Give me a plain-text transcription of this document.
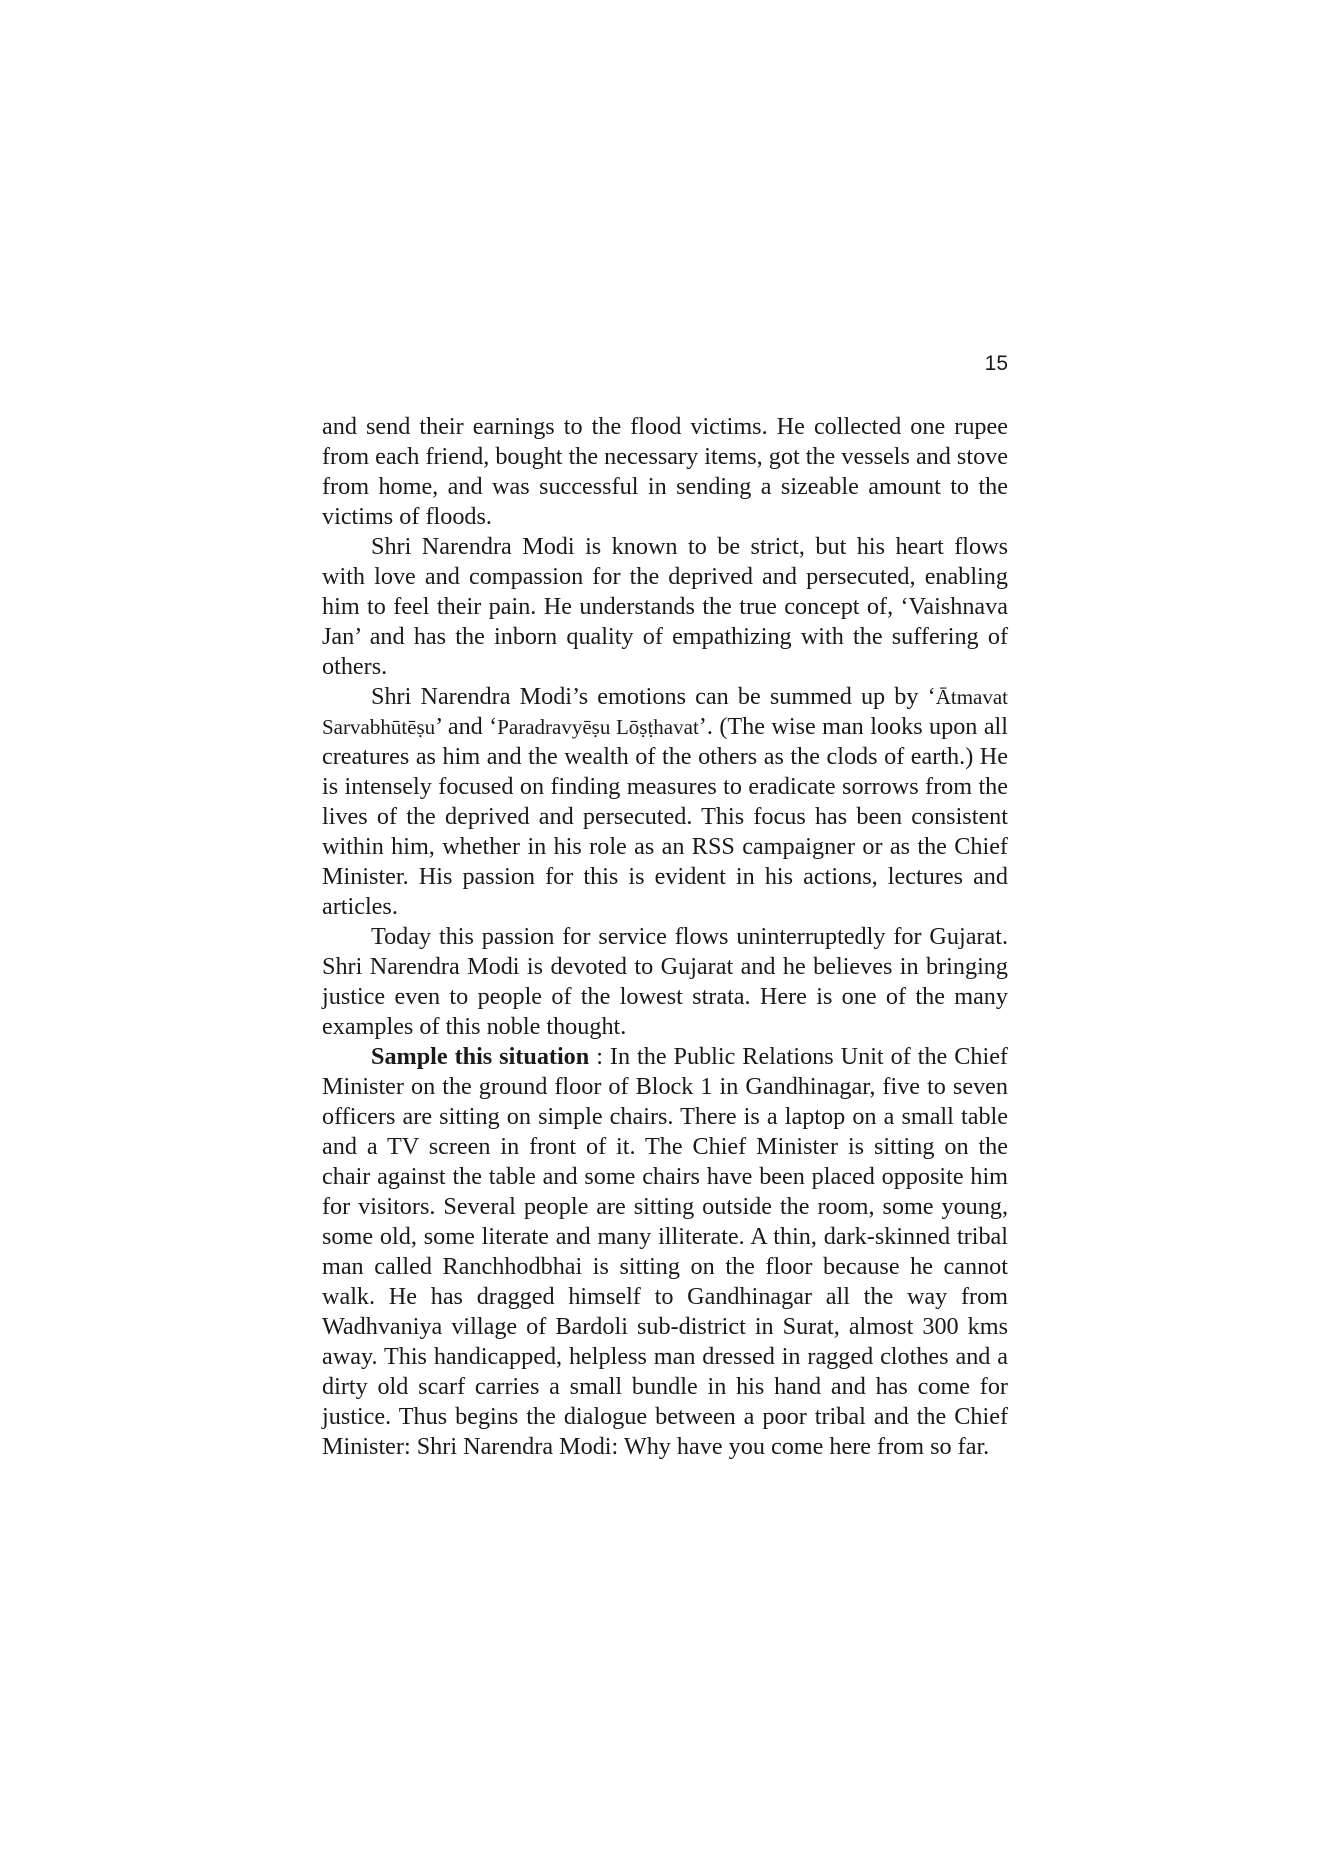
15

and send their earnings to the flood victims. He collected one rupee from each friend, bought the necessary items, got the vessels and stove from home, and was successful in sending a sizeable amount to the victims of floods.

Shri Narendra Modi is known to be strict, but his heart flows with love and compassion for the deprived and persecuted, enabling him to feel their pain. He understands the true concept of, ‘Vaishnava Jan’ and has the inborn quality of empathizing with the suffering of others.

Shri Narendra Modi’s emotions can be summed up by ‘Ātmavat Sarvabhūtēṣu’ and ‘Paradravyēṣu Lōṣṭhavat’. (The wise man looks upon all creatures as him and the wealth of the others as the clods of earth.) He is intensely focused on finding measures to eradicate sorrows from the lives of the deprived and persecuted. This focus has been consistent within him, whether in his role as an RSS campaigner or as the Chief Minister. His passion for this is evident in his actions, lectures and articles.

Today this passion for service flows uninterruptedly for Gujarat. Shri Narendra Modi is devoted to Gujarat and he believes in bringing justice even to people of the lowest strata. Here is one of the many examples of this noble thought.

Sample this situation : In the Public Relations Unit of the Chief Minister on the ground floor of Block 1 in Gandhinagar, five to seven officers are sitting on simple chairs. There is a laptop on a small table and a TV screen in front of it. The Chief Minister is sitting on the chair against the table and some chairs have been placed opposite him for visitors. Several people are sitting outside the room, some young, some old, some literate and many illiterate. A thin, dark-skinned tribal man called Ranchhodbhai is sitting on the floor because he cannot walk. He has dragged himself to Gandhinagar all the way from Wadhvaniya village of Bardoli sub-district in Surat, almost 300 kms away. This handicapped, helpless man dressed in ragged clothes and a dirty old scarf carries a small bundle in his hand and has come for justice. Thus begins the dialogue between a poor tribal and the Chief Minister: Shri Narendra Modi: Why have you come here from so far.
